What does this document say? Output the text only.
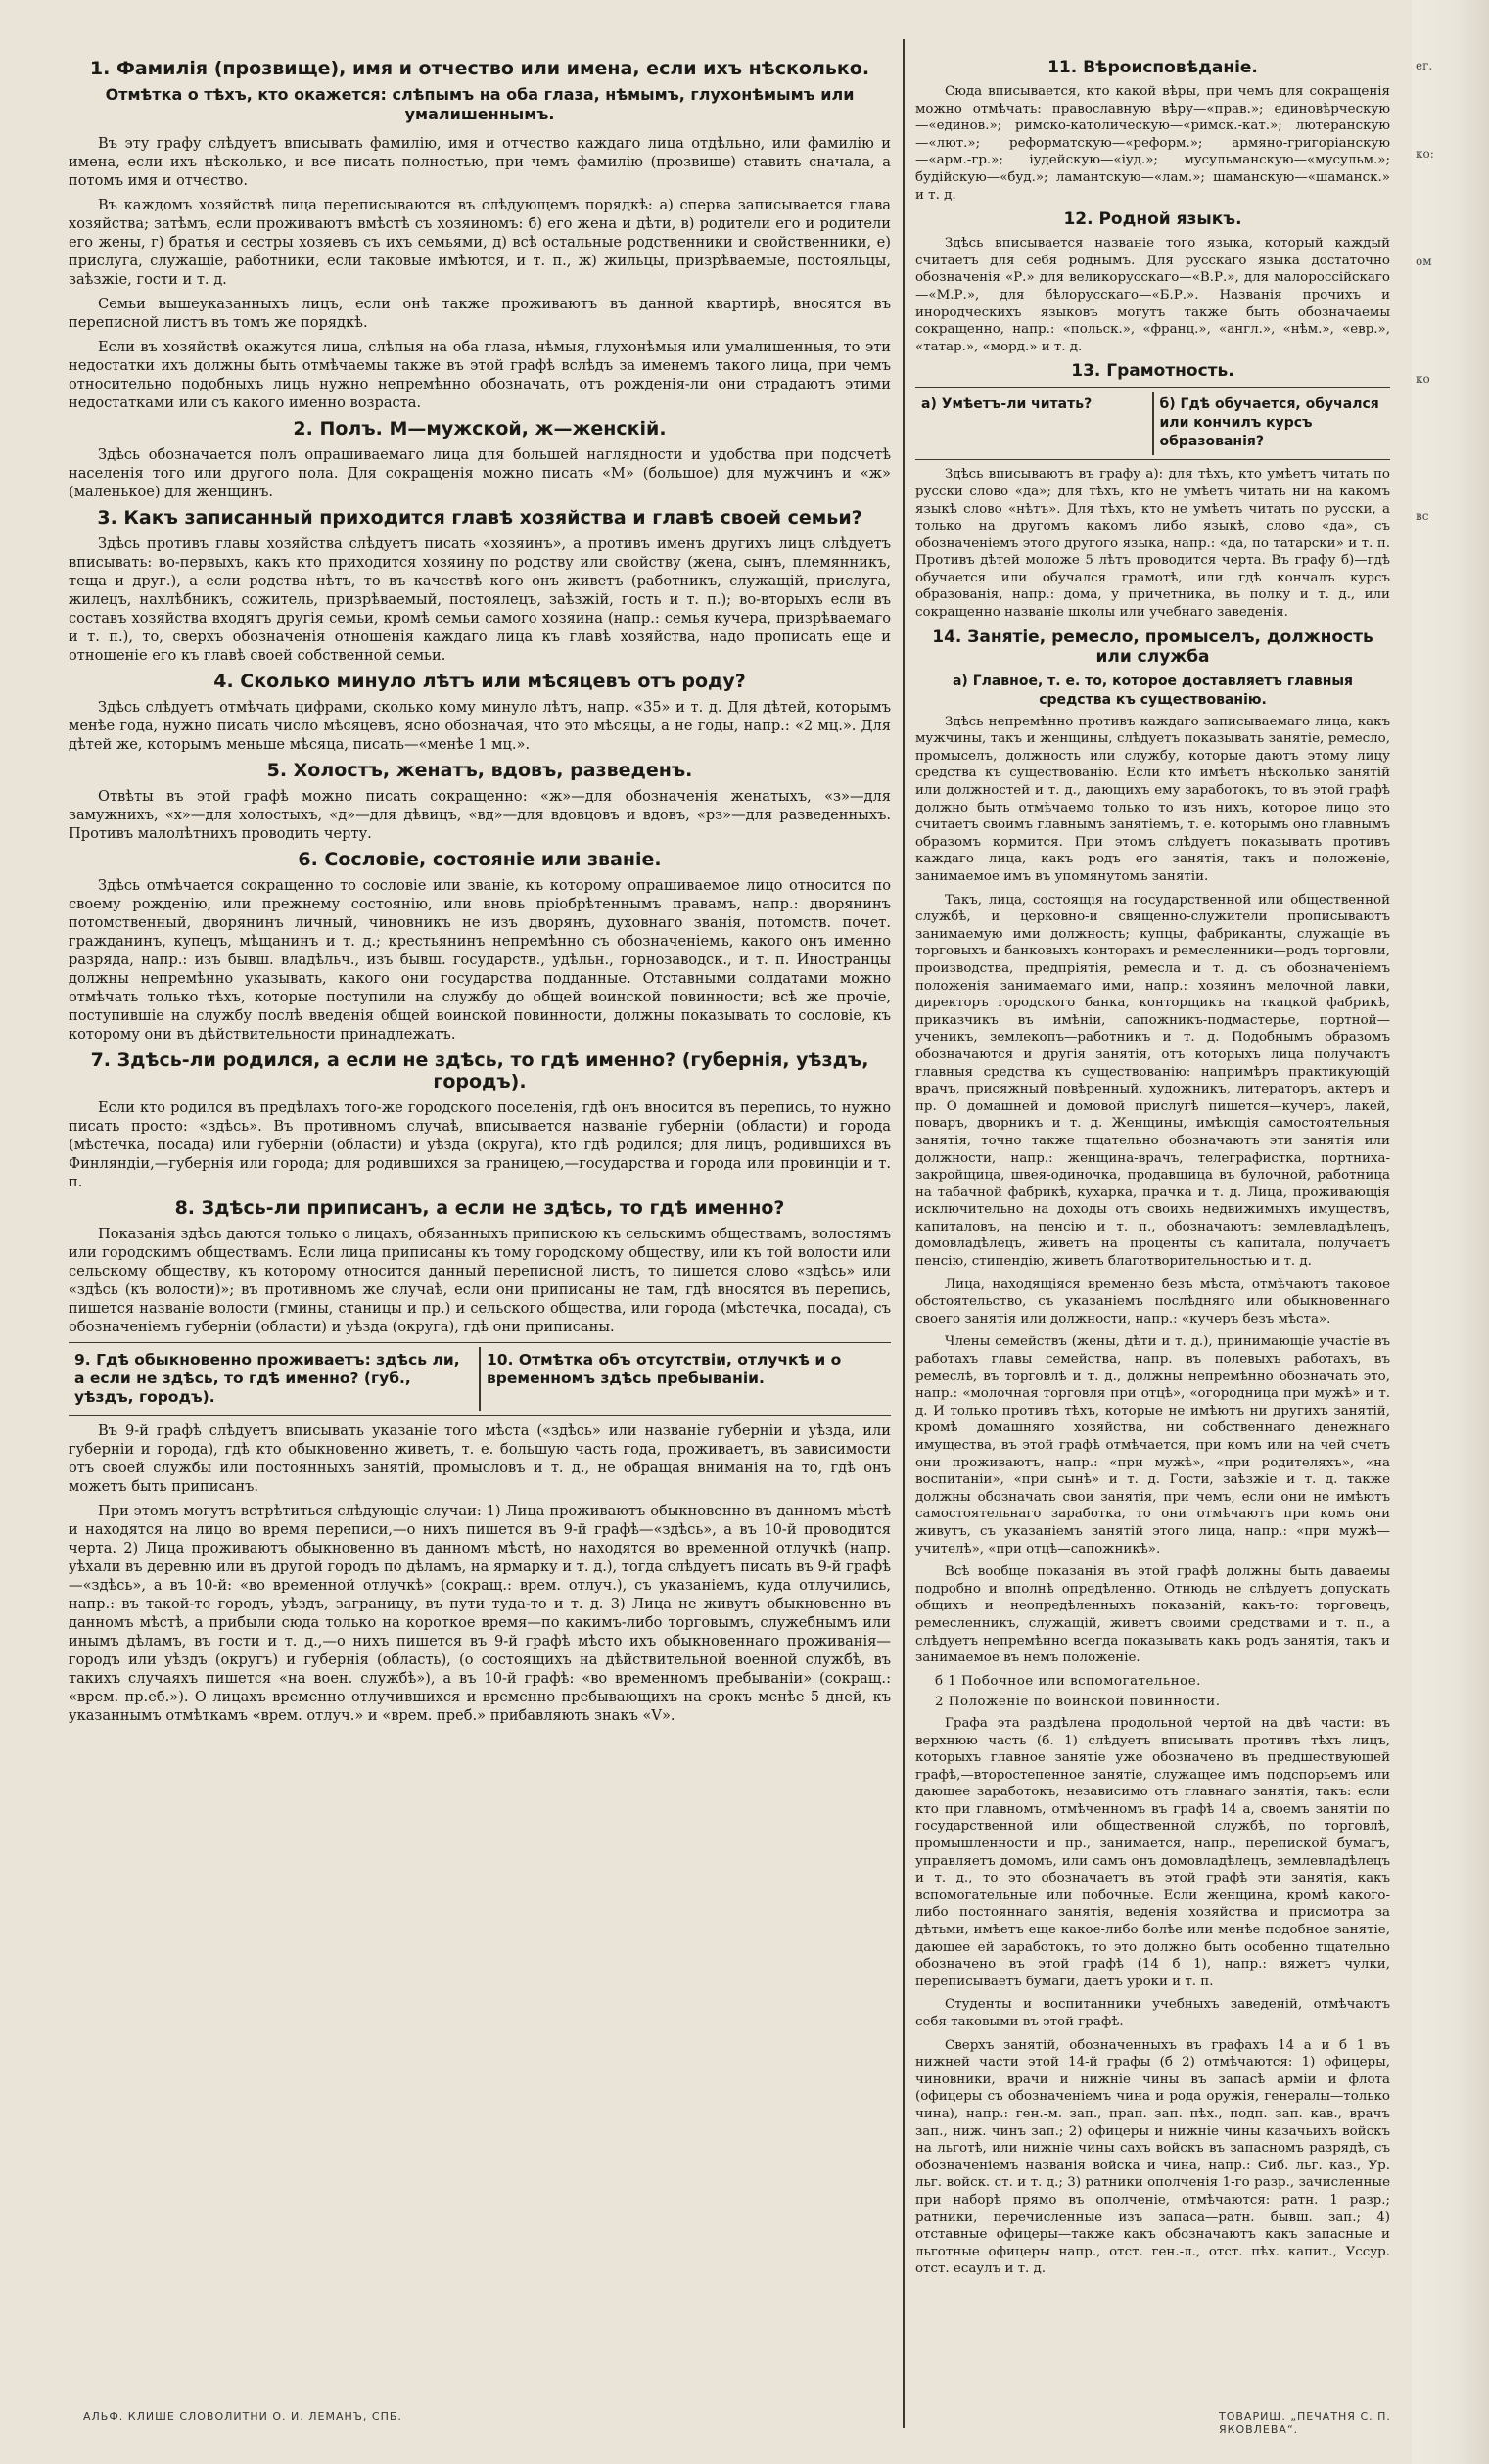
1. Фамилія (прозвище), имя и отчество или имена, если ихъ нѣсколько.
Отмѣтка о тѣхъ, кто окажется: слѣпымъ на оба глаза, нѣмымъ, глухонѣмымъ или умалишеннымъ.

Въ эту графу слѣдуетъ вписывать фамилію, имя и отчество каждаго лица отдѣльно, или фамилію и имена, если ихъ нѣсколько, и все писать полностью, при чемъ фамилію (прозвище) ставить сначала, а потомъ имя и отчество.

Въ каждомъ хозяйствѣ лица переписываются въ слѣдующемъ порядкѣ: а) сперва записывается глава хозяйства; затѣмъ, если проживаютъ вмѣстѣ съ хозяиномъ: б) его жена и дѣти, в) родители его и родители его жены, г) братья и сестры хозяевъ съ ихъ семьями, д) всѣ остальные родственники и свойственники, е) прислуга, служащіе, работники, если таковые имѣются, и т. п., ж) жильцы, призрѣваемые, постояльцы, заѣзжіе, гости и т. д.

Семьи вышеуказанныхъ лицъ, если онѣ также проживаютъ въ данной квартирѣ, вносятся въ переписной листъ въ томъ же порядкѣ.

Если въ хозяйствѣ окажутся лица, слѣпыя на оба глаза, нѣмыя, глухонѣмыя или умалишенныя, то эти недостатки ихъ должны быть отмѣчаемы также въ этой графѣ вслѣдъ за именемъ такого лица, при чемъ относительно подобныхъ лицъ нужно непремѣнно обозначать, отъ рожденія-ли они страдаютъ этими недостатками или съ какого именно возраста.

2. Полъ. М—мужской, ж—женскій.

Здѣсь обозначается полъ опрашиваемаго лица для большей наглядности и удобства при подсчетѣ населенія того или другого пола. Для сокращенія можно писать «М» (большое) для мужчинъ и «ж» (маленькое) для женщинъ.

3. Какъ записанный приходится главѣ хозяйства и главѣ своей семьи?

Здѣсь противъ главы хозяйства слѣдуетъ писать «хозяинъ», а противъ именъ другихъ лицъ слѣдуетъ вписывать: во-первыхъ, какъ кто приходится хозяину по родству или свойству (жена, сынъ, племянникъ, теща и друг.), а если родства нѣтъ, то въ качествѣ кого онъ живетъ (работникъ, служащій, прислуга, жилецъ, нахлѣбникъ, сожитель, призрѣваемый, постоялецъ, заѣзжій, гость и т. п.); во-вторыхъ если въ составъ хозяйства входятъ другія семьи, кромѣ семьи самого хозяина (напр.: семья кучера, призрѣваемаго и т. п.), то, сверхъ обозначенія отношенія каждаго лица къ главѣ хозяйства, надо прописать еще и отношеніе его къ главѣ своей собственной семьи.

4. Сколько минуло лѣтъ или мѣсяцевъ отъ роду?

Здѣсь слѣдуетъ отмѣчать цифрами, сколько кому минуло лѣтъ, напр. «35» и т. д. Для дѣтей, которымъ менѣе года, нужно писать число мѣсяцевъ, ясно обозначая, что это мѣсяцы, а не годы, напр.: «2 мц.». Для дѣтей же, которымъ меньше мѣсяца, писать—«менѣе 1 мц.».

5. Холостъ, женатъ, вдовъ, разведенъ.

Отвѣты въ этой графѣ можно писать сокращенно: «ж»—для обозначенія женатыхъ, «з»—для замужнихъ, «х»—для холостыхъ, «д»—для дѣвицъ, «вд»—для вдовцовъ и вдовъ, «рз»—для разведенныхъ. Противъ малолѣтнихъ проводить черту.

6. Сословіе, состояніе или званіе.

Здѣсь отмѣчается сокращенно то сословіе или званіе, къ которому опрашиваемое лицо относится по своему рожденію, или прежнему состоянію, или вновь пріобрѣтеннымъ правамъ, напр.: дворянинъ потомственный, дворянинъ личный, чиновникъ не изъ дворянъ, духовнаго званія, потомств. почет. гражданинъ, купецъ, мѣщанинъ и т. д.; крестьянинъ непремѣнно съ обозначеніемъ, какого онъ именно разряда, напр.: изъ бывш. владѣльч., изъ бывш. государств., удѣльн., горнозаводск., и т. п. Иностранцы должны непремѣнно указывать, какого они государства подданные. Отставными солдатами можно отмѣчать только тѣхъ, которые поступили на службу до общей воинской повинности; всѣ же прочіе, поступившіе на службу послѣ введенія общей воинской повинности, должны показывать то сословіе, къ которому они въ дѣйствительности принадлежатъ.

7. Здѣсь-ли родился, а если не здѣсь, то гдѣ именно? (губернія, уѣздъ, городъ).

Если кто родился въ предѣлахъ того-же городского поселенія, гдѣ онъ вносится въ перепись, то нужно писать просто: «здѣсь». Въ противномъ случаѣ, вписывается названіе губерніи (области) и города (мѣстечка, посада) или губерніи (области) и уѣзда (округа), кто гдѣ родился; для лицъ, родившихся въ Финляндіи,—губернія или города; для родившихся за границею,—государства и города или провинціи и т. п.

8. Здѣсь-ли приписанъ, а если не здѣсь, то гдѣ именно?

Показанія здѣсь даются только о лицахъ, обязанныхъ припискою къ сельскимъ обществамъ, волостямъ или городскимъ обществамъ. Если лица приписаны къ тому городскому обществу, или къ той волости или сельскому обществу, къ которому относится данный переписной листъ, то пишется слово «здѣсь» или «здѣсь (къ волости)»; въ противномъ же случаѣ, если они приписаны не там, гдѣ вносятся въ перепись, пишется названіе волости (гмины, станицы и пр.) и сельского общества, или города (мѣстечка, посада), съ обозначеніемъ губерніи (области) и уѣзда (округа), гдѣ они приписаны.

9. Гдѣ обыкновенно проживаетъ: здѣсь ли, а если не здѣсь, то гдѣ именно? (губ., уѣздъ, городъ).
10. Отмѣтка объ отсутствіи, отлучкѣ и о временномъ здѣсь пребываніи.

Въ 9-й графѣ слѣдуетъ вписывать указаніе того мѣста («здѣсь» или названіе губерніи и уѣзда, или губерніи и города), гдѣ кто обыкновенно живетъ, т. е. большую часть года, проживаетъ, въ зависимости отъ своей службы или постоянныхъ занятій, промысловъ и т. д., не обращая вниманія на то, гдѣ онъ можетъ быть приписанъ.

При этомъ могутъ встрѣтиться слѣдующіе случаи: 1) Лица проживаютъ обыкновенно въ данномъ мѣстѣ и находятся на лицо во время переписи,—о нихъ пишется въ 9-й графѣ—«здѣсь», а въ 10-й проводится черта. 2) Лица проживаютъ обыкновенно въ данномъ мѣстѣ, но находятся во временной отлучкѣ (напр. уѣхали въ деревню или въ другой городъ по дѣламъ, на ярмарку и т. д.), тогда слѣдуетъ писать въ 9-й графѣ—«здѣсь», а въ 10-й: «во временной отлучкѣ» (сокращ.: врем. отлуч.), съ указаніемъ, куда отлучились, напр.: въ такой-то городъ, уѣздъ, заграницу, въ пути туда-то и т. д. 3) Лица не живутъ обыкновенно въ данномъ мѣстѣ, а прибыли сюда только на короткое время—по какимъ-либо торговымъ, служебнымъ или инымъ дѣламъ, въ гости и т. д.,—о нихъ пишется въ 9-й графѣ мѣсто ихъ обыкновеннаго проживанія—городъ или уѣздъ (округъ) и губернія (область), (о состоящихъ на дѣйствительной военной службѣ, въ такихъ случаяхъ пишется «на воен. службѣ»), а въ 10-й графѣ: «во временномъ пребываніи» (сокращ.: «врем. пр.еб.»). О лицахъ временно отлучившихся и временно пребывающихъ на срокъ менѣе 5 дней, къ указаннымъ отмѣткамъ «врем. отлуч.» и «врем. преб.» прибавляють знакъ «V».

11. Вѣроисповѣданіе.

Сюда вписывается, кто какой вѣры, при чемъ для сокращенія можно отмѣчать: православную вѣру—«прав.»; единовѣрческую—«единов.»; римско-католическую—«римск.-кат.»; лютеранскую—«лют.»; реформатскую—«реформ.»; армяно-григоріанскую—«арм.-гр.»; іудейскую—«іуд.»; мусульманскую—«мусульм.»; будійскую—«буд.»; ламантскую—«лам.»; шаманскую—«шаманск.» и т. д.

12. Родной языкъ.

Здѣсь вписывается названіе того языка, который каждый считаетъ для себя роднымъ. Для русскаго языка достаточно обозначенія «Р.» для великорусскаго—«В.Р.», для малороссійскаго—«М.Р.», для бѣлорусскаго—«Б.Р.». Названія прочихъ и инородческихъ языковъ могутъ также быть обозначаемы сокращенно, напр.: «польск.», «франц.», «англ.», «нѣм.», «евр.», «татар.», «морд.» и т. д.

13. Грамотность.
а) Умѣетъ-ли читать?	б) Гдѣ обучается, обучался или кончилъ курсъ образованія?

Здѣсь вписываютъ въ графу а): для тѣхъ, кто умѣетъ читать по русски слово «да»; для тѣхъ, кто не умѣетъ читать ни на какомъ языкѣ слово «нѣтъ». Для тѣхъ, кто не умѣетъ читать по русски, а только на другомъ какомъ либо языкѣ, слово «да», съ обозначеніемъ этого другого языка, напр.: «да, по татарски» и т. п. Противъ дѣтей моложе 5 лѣтъ проводится черта. Въ графу б)—гдѣ обучается или обучался грамотѣ, или гдѣ кончалъ курсъ образованія, напр.: дома, у причетника, въ полку и т. д., или сокращенно названіе школы или учебнаго заведенія.

14. Занятіе, ремесло, промыселъ, должность или служба
а) Главное, т. е. то, которое доставляетъ главныя средства къ существованію.

Здѣсь непремѣнно противъ каждаго записываемаго лица, какъ мужчины, такъ и женщины, слѣдуетъ показывать занятіе, ремесло, промыселъ, должность или службу, которые даютъ этому лицу средства къ существованію. Если кто имѣетъ нѣсколько занятій или должностей и т. д., дающихъ ему заработокъ, то въ этой графѣ должно быть отмѣчаемо только то изъ нихъ, которое лицо это считаетъ своимъ главнымъ занятіемъ, т. е. которымъ оно главнымъ образомъ кормится. При этомъ слѣдуетъ показывать противъ каждаго лица, какъ родъ его занятія, такъ и положеніе, занимаемое имъ въ упомянутомъ занятіи.

Такъ, лица, состоящія на государственной или общественной службѣ, и церковно-и священно-служители прописываютъ занимаемую ими должность; купцы, фабриканты, служащіе въ торговыхъ и банковыхъ конторахъ и ремесленники—родъ торговли, производства, предпріятія, ремесла и т. д. съ обозначеніемъ положенія занимаемаго ими, напр.: хозяинъ мелочной лавки, директоръ городского банка, конторщикъ на ткацкой фабрикѣ, приказчикъ въ имѣніи, сапожникъ-подмастерье, портной—ученикъ, землекопъ—работникъ и т. д. Подобнымъ образомъ обозначаются и другія занятія, отъ которыхъ лица получаютъ главныя средства къ существованію: напримѣръ практикующій врачъ, присяжный повѣренный, художникъ, литераторъ, актеръ и пр. О домашней и домовой прислугѣ пишется—кучеръ, лакей, поваръ, дворникъ и т. д. Женщины, имѣющія самостоятельныя занятія, точно также тщательно обозначаютъ эти занятія или должности, напр.: женщина-врачъ, телеграфистка, портниха-закройщица, швея-одиночка, продавщица въ булочной, работница на табачной фабрикѣ, кухарка, прачка и т. д. Лица, проживающія исключительно на доходы отъ своихъ недвижимыхъ имуществъ, капиталовъ, на пенсію и т. п., обозначаютъ: землевладѣлецъ, домовладѣлецъ, живетъ на проценты съ капитала, получаетъ пенсію, стипендію, живетъ благотворительностью и т. д.

Лица, находящіяся временно безъ мѣста, отмѣчаютъ таковое обстоятельство, съ указаніемъ послѣдняго или обыкновеннаго своего занятія или должности, напр.: «кучеръ безъ мѣста».

Члены семействъ (жены, дѣти и т. д.), принимающіе участіе въ работахъ главы семейства, напр. въ полевыхъ работахъ, въ ремеслѣ, въ торговлѣ и т. д., должны непремѣнно обозначать это, напр.: «молочная торговля при отцѣ», «огородница при мужѣ» и т. д. И только противъ тѣхъ, которые не имѣютъ ни другихъ занятій, кромѣ домашняго хозяйства, ни собственнаго денежнаго имущества, въ этой графѣ отмѣчается, при комъ или на чей счетъ они проживаютъ, напр.: «при мужѣ», «при родителяхъ», «на воспитаніи», «при сынѣ» и т. д. Гости, заѣзжіе и т. д. также должны обозначать свои занятія, при чемъ, если они не имѣютъ самостоятельнаго заработка, то они отмѣчаютъ при комъ они живутъ, съ указаніемъ занятій этого лица, напр.: «при мужѣ—учителѣ», «при отцѣ—сапожникѣ».

Всѣ вообще показанія въ этой графѣ должны быть даваемы подробно и вполнѣ опредѣленно. Отнюдь не слѣдуетъ допускать общихъ и неопредѣленныхъ показаній, какъ-то: торговецъ, ремесленникъ, служащій, живетъ своими средствами и т. п., а слѣдуетъ непремѣнно всегда показывать какъ родъ занятія, такъ и занимаемое въ немъ положеніе.

б 1 Побочное или вспомогательное.

2 Положеніе по воинской повинности.

Графа эта раздѣлена продольной чертой на двѣ части: въ верхнюю часть (б. 1) слѣдуетъ вписывать противъ тѣхъ лицъ, которыхъ главное занятіе уже обозначено въ предшествующей графѣ,—второстепенное занятіе, служащее имъ подспорьемъ или дающее заработокъ, независимо отъ главнаго занятія, такъ: если кто при главномъ, отмѣченномъ въ графѣ 14 а, своемъ занятіи по государственной или общественной службѣ, по торговлѣ, промышленности и пр., занимается, напр., перепиской бумагъ, управляетъ домомъ, или самъ онъ домовладѣлецъ, землевладѣлецъ и т. д., то это обозначаетъ въ этой графѣ эти занятія, какъ вспомогательные или побочные. Если женщина, кромѣ какого-либо постояннаго занятія, веденія хозяйства и присмотра за дѣтьми, имѣетъ еще какое-либо болѣе или менѣе подобное занятіе, дающее ей заработокъ, то это должно быть особенно тщательно обозначено въ этой графѣ (14 б 1), напр.: вяжетъ чулки, переписываетъ бумаги, даетъ уроки и т. п.

Студенты и воспитанники учебныхъ заведеній, отмѣчаютъ себя таковыми въ этой графѣ.

Сверхъ занятій, обозначенныхъ въ графахъ 14 а и б 1 въ нижней части этой 14-й графы (б 2) отмѣчаются: 1) офицеры, чиновники, врачи и нижніе чины въ запасѣ арміи и флота (офицеры съ обозначеніемъ чина и рода оружія, генералы—только чина), напр.: ген.-м. зап., прап. зап. пѣх., подп. зап. кав., врачъ зап., ниж. чинъ зап.; 2) офицеры и нижніе чины казачьихъ войскъ на льготѣ, или нижніе чины сахъ войскъ въ запасномъ разрядѣ, съ обозначеніемъ названія войска и чина, напр.: Сиб. льг. каз., Ур. льг. войск. ст. и т. д.; 3) ратники ополченія 1-го разр., зачисленные при наборѣ прямо въ ополченіе, отмѣчаются: ратн. 1 разр.; ратники, перечисленные изъ запаса—ратн. бывш. зап.; 4) отставные офицеры—также какъ обозначаютъ какъ запасные и льготные офицеры напр., отст. ген.-л., отст. пѣх. капит., Уссур. отст. есаулъ и т. д.

АЛЬФ. КЛИШЕ СЛОВОЛИТНИ О. И. ЛЕМАНЪ, СПБ.	ТОВАРИЩ. „ПЕЧАТНЯ С. П. ЯКОВЛЕВА“.
ег.
ко:
ом
ко
вс
